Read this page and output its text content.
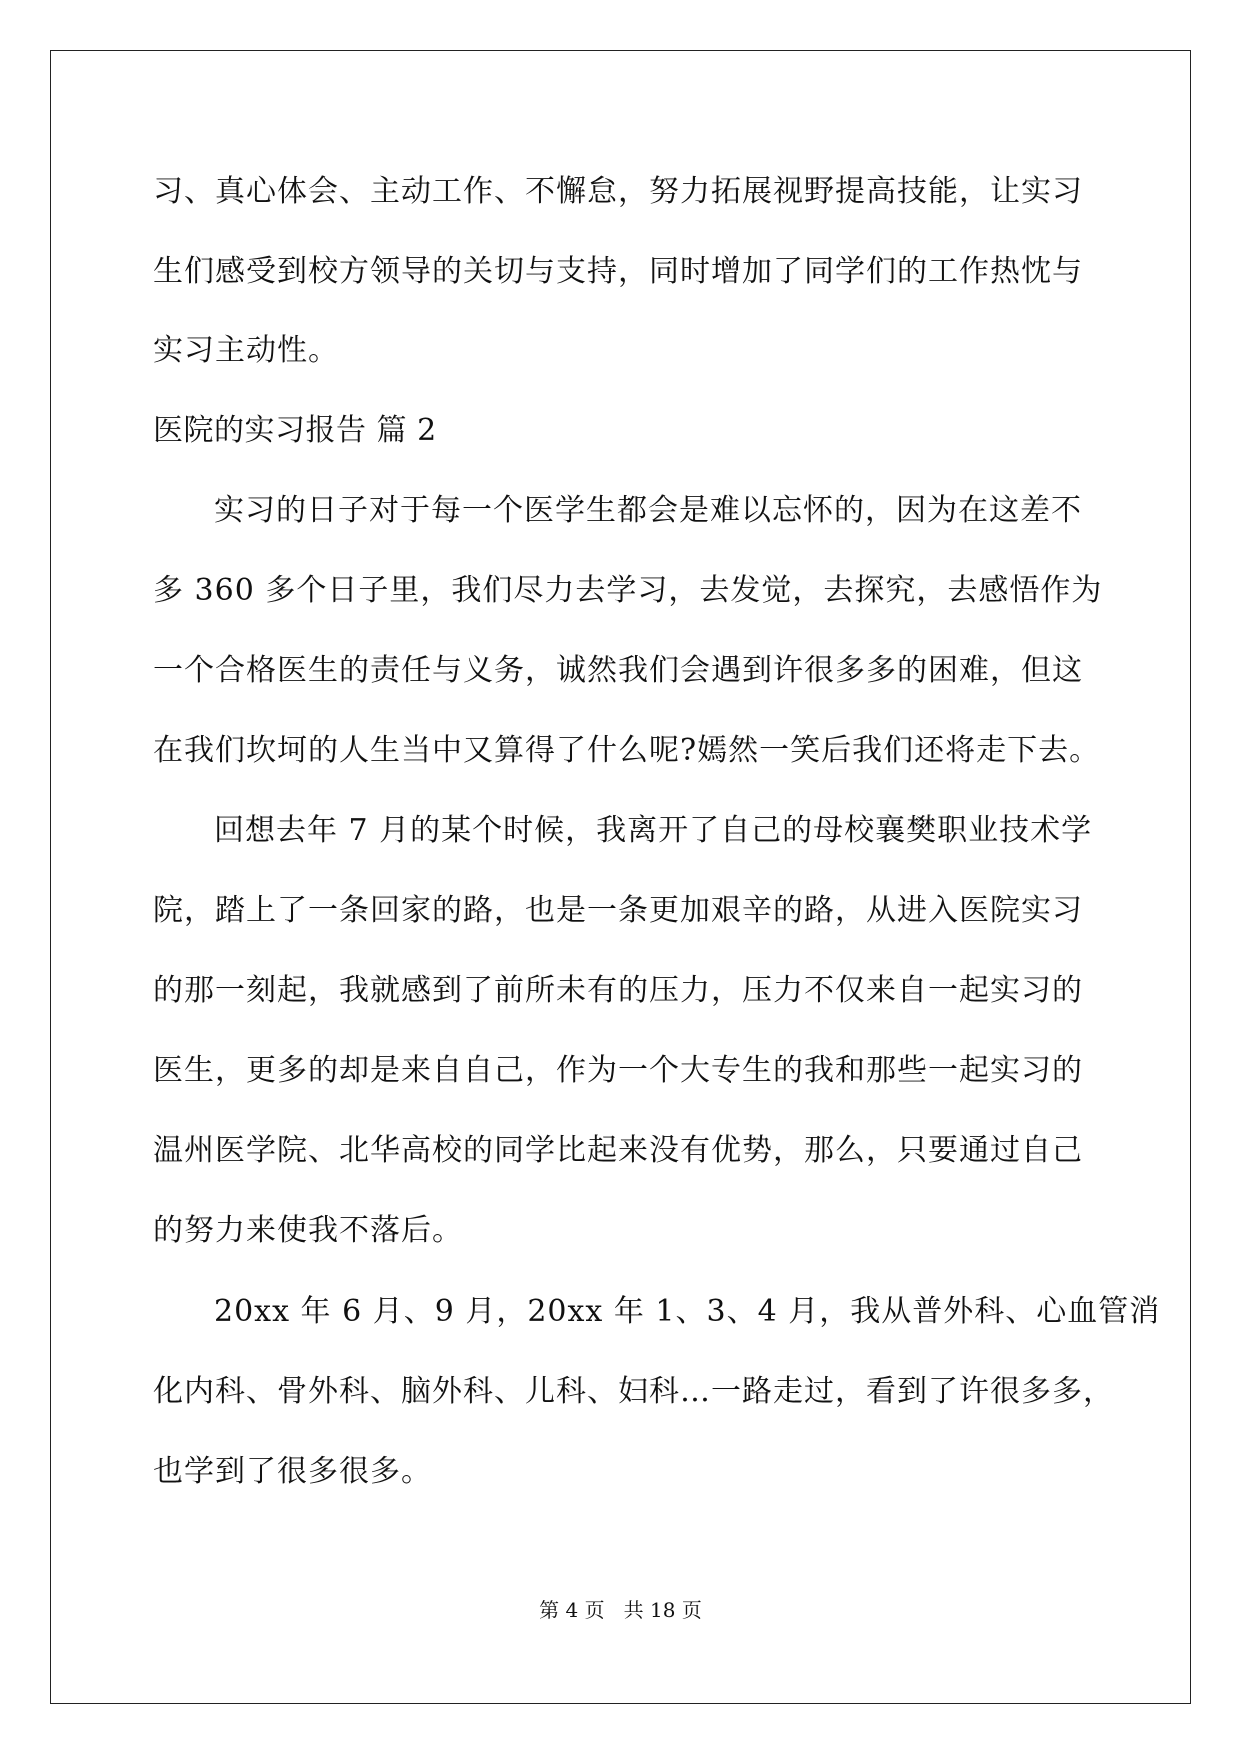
习、真心体会、主动工作、不懈怠，努力拓展视野提高技能，让实习
生们感受到校方领导的关切与支持，同时增加了同学们的工作热忱与
实习主动性。
医院的实习报告 篇 2
实习的日子对于每一个医学生都会是难以忘怀的，因为在这差不
多 360 多个日子里，我们尽力去学习，去发觉，去探究，去感悟作为
一个合格医生的责任与义务，诚然我们会遇到许很多多的困难，但这
在我们坎坷的人生当中又算得了什么呢?嫣然一笑后我们还将走下去。
回想去年 7 月的某个时候，我离开了自己的母校襄樊职业技术学
院，踏上了一条回家的路，也是一条更加艰辛的路，从进入医院实习
的那一刻起，我就感到了前所未有的压力，压力不仅来自一起实习的
医生，更多的却是来自自己，作为一个大专生的我和那些一起实习的
温州医学院、北华高校的同学比起来没有优势，那么，只要通过自己
的努力来使我不落后。
20xx 年 6 月、9 月，20xx 年 1、3、4 月，我从普外科、心血管消
化内科、骨外科、脑外科、儿科、妇科…一路走过，看到了许很多多，
也学到了很多很多。
第 4 页   共 18 页
